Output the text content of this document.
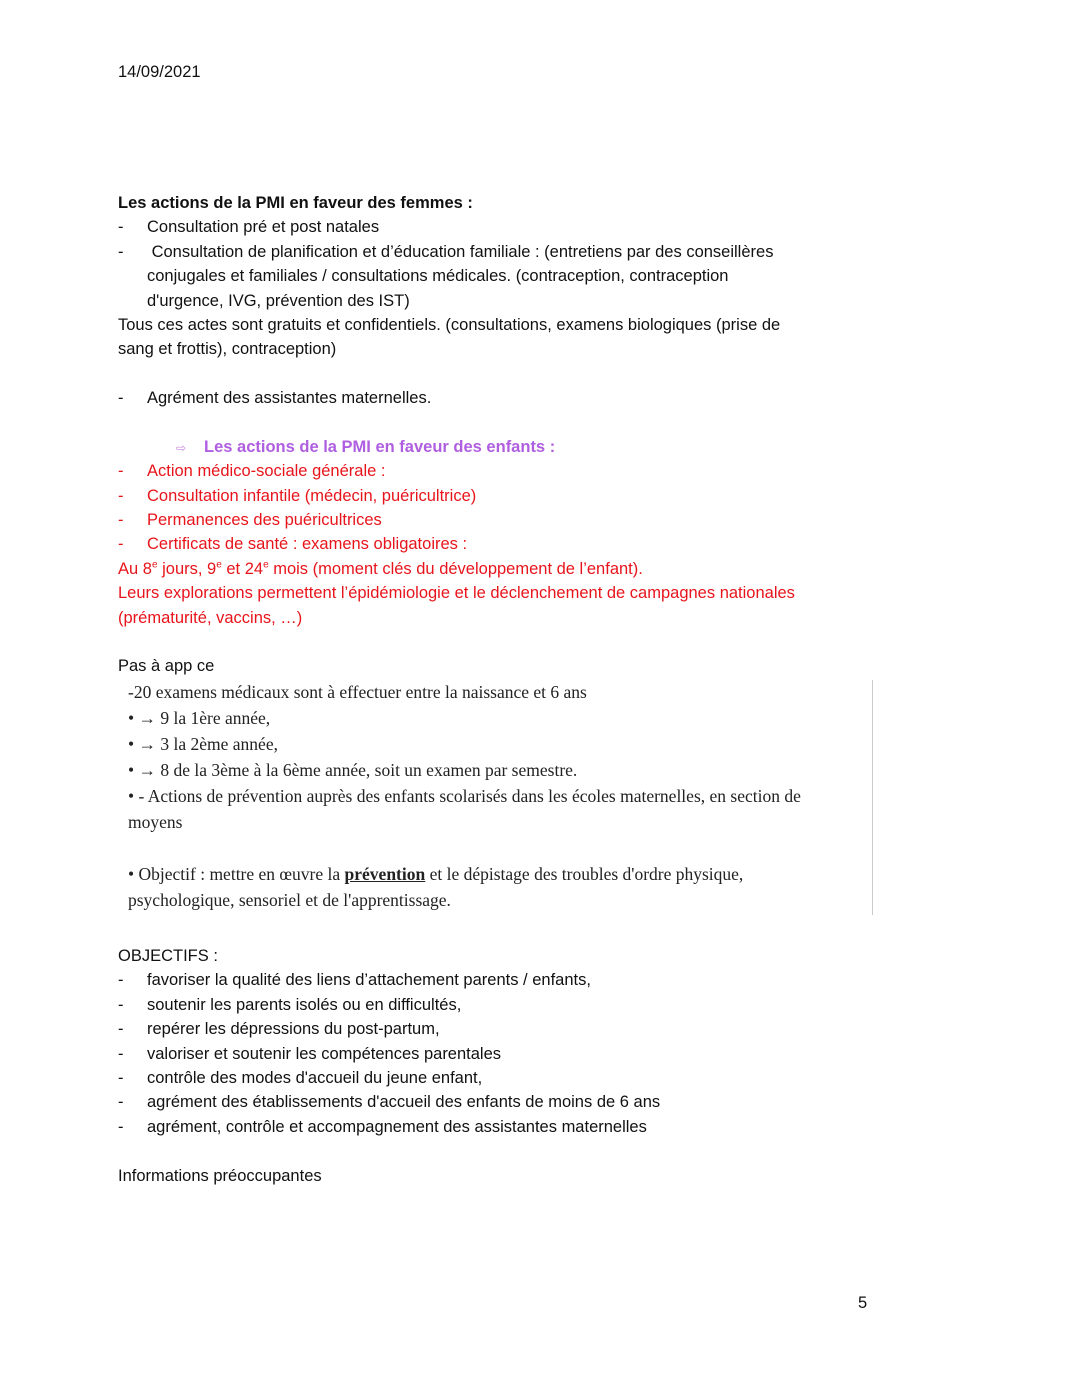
14/09/2021
Les actions de la PMI en faveur des femmes :
- Consultation pré et post natales
- Consultation de planification et d’éducation familiale : (entretiens par des conseillères
conjugales et familiales / consultations médicales. (contraception, contraception
d'urgence, IVG, prévention des IST)
Tous ces actes sont gratuits et confidentiels. (consultations, examens biologiques (prise de
sang et frottis), contraception)
- Agrément des assistantes maternelles.
⇨ Les actions de la PMI en faveur des enfants :
- Action médico-sociale générale :
- Consultation infantile (médecin, puéricultrice)
- Permanences des puéricultrices
- Certificats de santé : examens obligatoires :
Au 8e jours, 9e et 24e mois (moment clés du développement de l’enfant).
Leurs explorations permettent l’épidémiologie et le déclenchement de campagnes nationales
(prématurité, vaccins, …)
Pas à app ce
-20 examens médicaux sont à effectuer entre la naissance et 6 ans
• → 9 la 1ère année,
• → 3 la 2ème année,
• → 8 de la 3ème à la 6ème année, soit un examen par semestre.
• - Actions de prévention auprès des enfants scolarisés dans les écoles maternelles, en section de
moyens
• Objectif : mettre en œuvre la prévention et le dépistage des troubles d'ordre physique,
psychologique, sensoriel et de l'apprentissage.
OBJECTIFS :
- favoriser la qualité des liens d’attachement parents / enfants,
- soutenir les parents isolés ou en difficultés,
- repérer les dépressions du post-partum,
- valoriser et soutenir les compétences parentales
- contrôle des modes d'accueil du jeune enfant,
- agrément des établissements d'accueil des enfants de moins de 6 ans
- agrément, contrôle et accompagnement des assistantes maternelles
Informations préoccupantes
5
